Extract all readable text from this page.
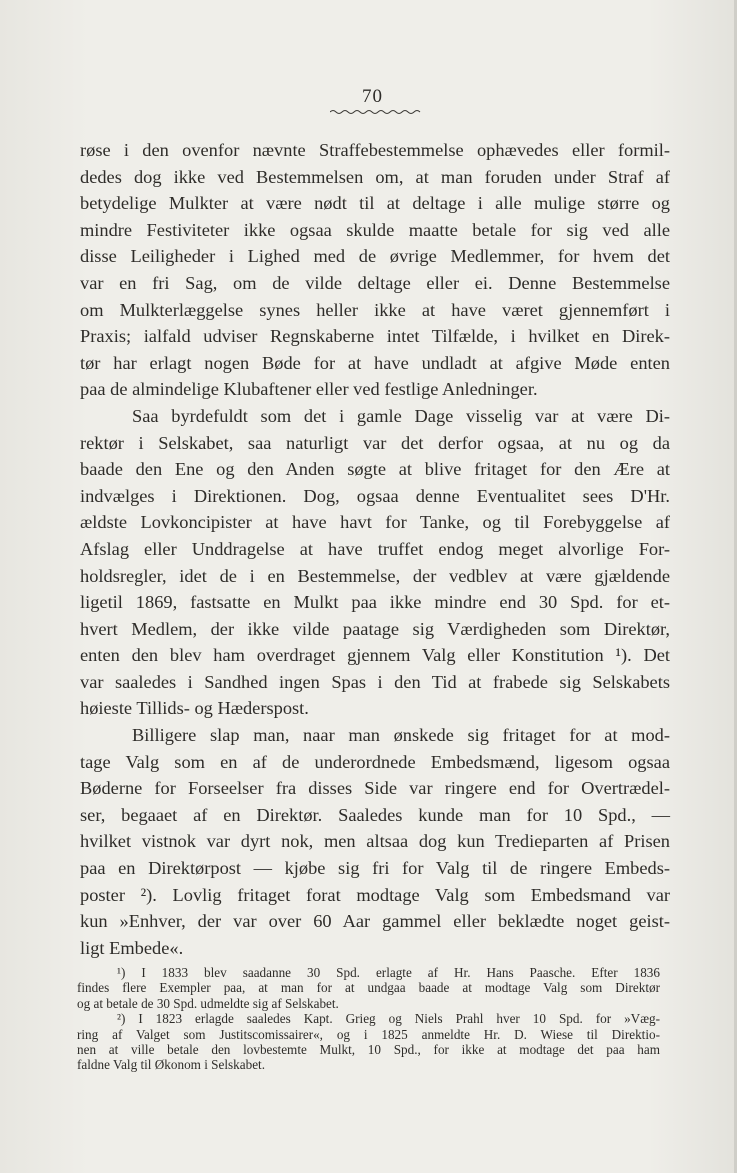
70
røse i den ovenfor nævnte Straffebestemmelse ophævedes eller formil-
dedes dog ikke ved Bestemmelsen om, at man foruden under Straf af
betydelige Mulkter at være nødt til at deltage i alle mulige større og
mindre Festiviteter ikke ogsaa skulde maatte betale for sig ved alle
disse Leiligheder i Lighed med de øvrige Medlemmer, for hvem det
var en fri Sag, om de vilde deltage eller ei. Denne Bestemmelse
om Mulkterlæggelse synes heller ikke at have været gjennemført i
Praxis; ialfald udviser Regnskaberne intet Tilfælde, i hvilket en Direk-
tør har erlagt nogen Bøde for at have undladt at afgive Møde enten
paa de almindelige Klubaftener eller ved festlige Anledninger.
Saa byrdefuldt som det i gamle Dage visselig var at være Di-
rektør i Selskabet, saa naturligt var det derfor ogsaa, at nu og da
baade den Ene og den Anden søgte at blive fritaget for den Ære at
indvælges i Direktionen. Dog, ogsaa denne Eventualitet sees D'Hr.
ældste Lovkoncipister at have havt for Tanke, og til Forebyggelse af
Afslag eller Unddragelse at have truffet endog meget alvorlige For-
holdsregler, idet de i en Bestemmelse, der vedblev at være gjældende
ligetil 1869, fastsatte en Mulkt paa ikke mindre end 30 Spd. for et-
hvert Medlem, der ikke vilde paatage sig Værdigheden som Direktør,
enten den blev ham overdraget gjennem Valg eller Konstitution ¹). Det
var saaledes i Sandhed ingen Spas i den Tid at frabede sig Selskabets
høieste Tillids- og Hæderspost.
Billigere slap man, naar man ønskede sig fritaget for at mod-
tage Valg som en af de underordnede Embedsmænd, ligesom ogsaa
Bøderne for Forseelser fra disses Side var ringere end for Overtrædel-
ser, begaaet af en Direktør. Saaledes kunde man for 10 Spd., —
hvilket vistnok var dyrt nok, men altsaa dog kun Tredieparten af Prisen
paa en Direktørpost — kjøbe sig fri for Valg til de ringere Embeds-
poster ²). Lovlig fritaget forat modtage Valg som Embedsmand var
kun »Enhver, der var over 60 Aar gammel eller beklædte noget geist-
ligt Embede«.
¹) I 1833 blev saadanne 30 Spd. erlagte af Hr. Hans Paasche. Efter 1836
findes flere Exempler paa, at man for at undgaa baade at modtage Valg som Direktør
og at betale de 30 Spd. udmeldte sig af Selskabet.
²) I 1823 erlagde saaledes Kapt. Grieg og Niels Prahl hver 10 Spd. for »Væg-
ring af Valget som Justitscomissairer«, og i 1825 anmeldte Hr. D. Wiese til Direktio-
nen at ville betale den lovbestemte Mulkt, 10 Spd., for ikke at modtage det paa ham
faldne Valg til Økonom i Selskabet.
